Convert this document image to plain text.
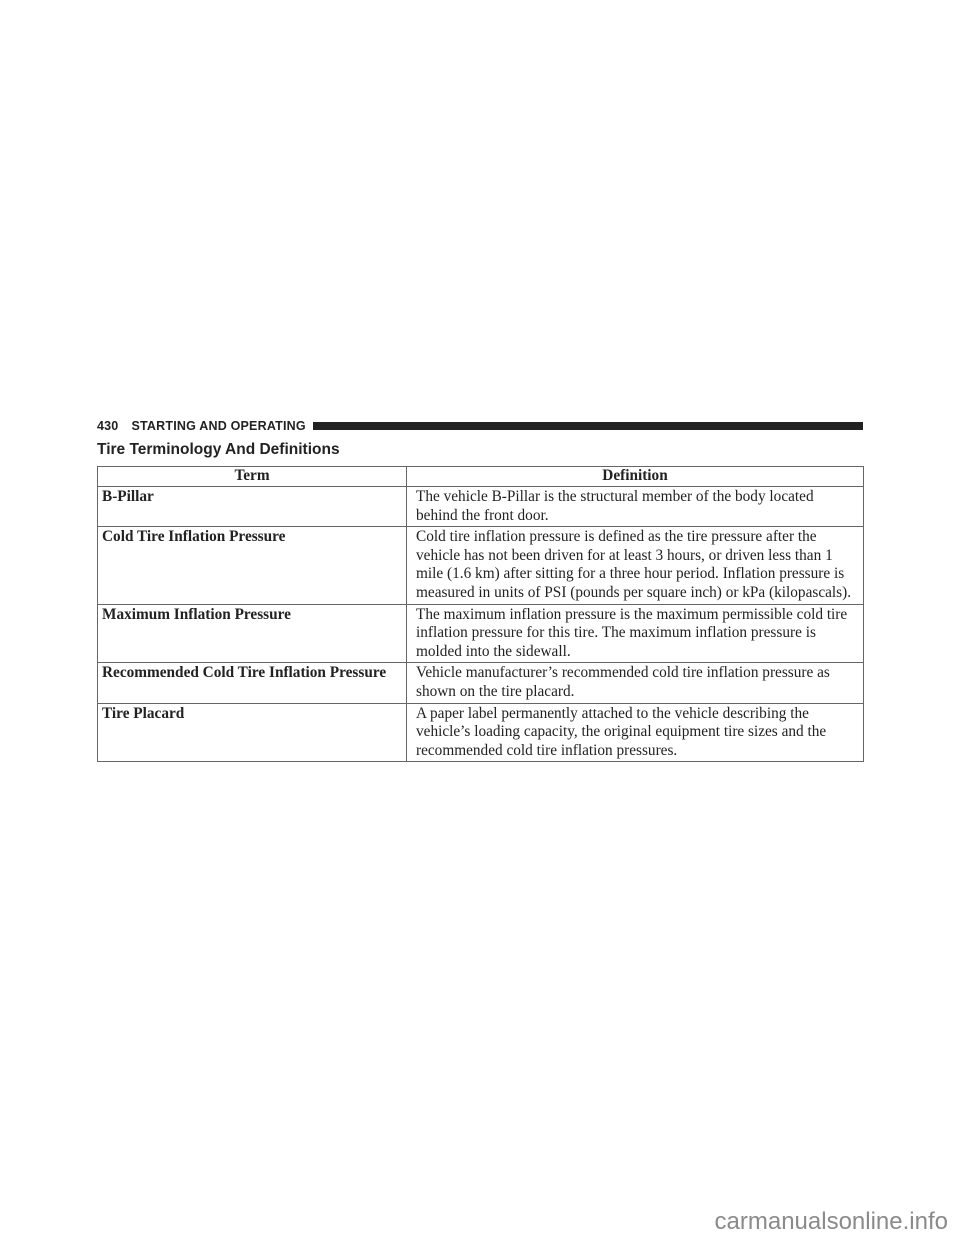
430 STARTING AND OPERATING
Tire Terminology And Definitions
Term	Definition
B-Pillar	The vehicle B-Pillar is the structural member of the body located behind the front door.
Cold Tire Inflation Pressure	Cold tire inflation pressure is defined as the tire pressure after the vehicle has not been driven for at least 3 hours, or driven less than 1 mile (1.6 km) after sitting for a three hour period. Inflation pressure is measured in units of PSI (pounds per square inch) or kPa (kilopascals).
Maximum Inflation Pressure	The maximum inflation pressure is the maximum permissible cold tire inflation pressure for this tire. The maximum inflation pressure is molded into the sidewall.
Recommended Cold Tire Inflation Pressure	Vehicle manufacturer’s recommended cold tire inflation pressure as shown on the tire placard.
Tire Placard	A paper label permanently attached to the vehicle describing the vehicle’s loading capacity, the original equipment tire sizes and the recommended cold tire inflation pressures.
carmanualsonline.info
